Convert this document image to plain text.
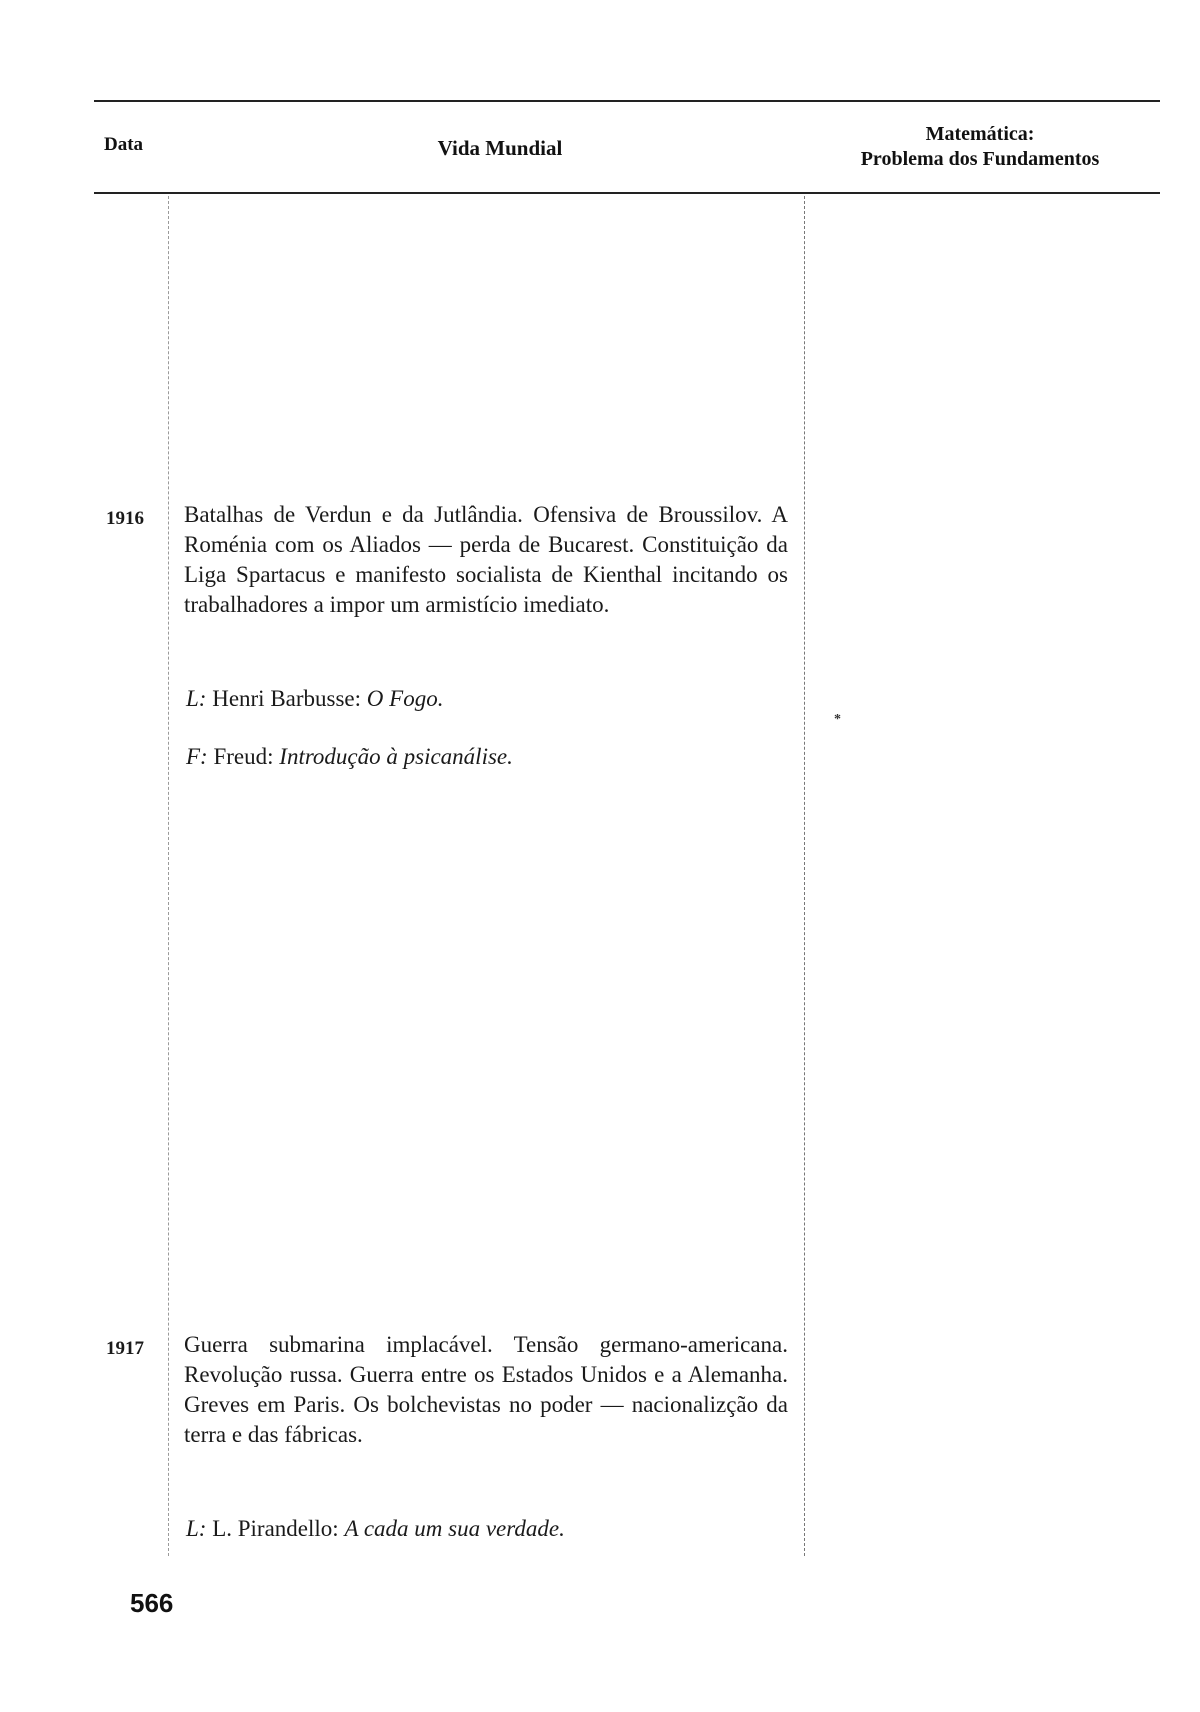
Data	Vida Mundial
Matemática:
Problema dos Fundamentos
1916 Batalhas de Verdun e da Jutlândia. Ofensiva de Broussilov. A Roménia com os Aliados — perda de Bucarest. Constituição da Liga Spartacus e manifesto socialista de Kienthal incitando os trabalhadores a impor um armistício imediato.
L: Henri Barbusse: O Fogo.
F: Freud: Introdução à psicanálise.
*
1917 Guerra submarina implacável. Tensão germano-americana. Revolução russa. Guerra entre os Estados Unidos e a Alemanha. Greves em Paris. Os bolchevistas no poder — nacionalizção da terra e das fábricas.
L: L. Pirandello: A cada um sua verdade.
566
